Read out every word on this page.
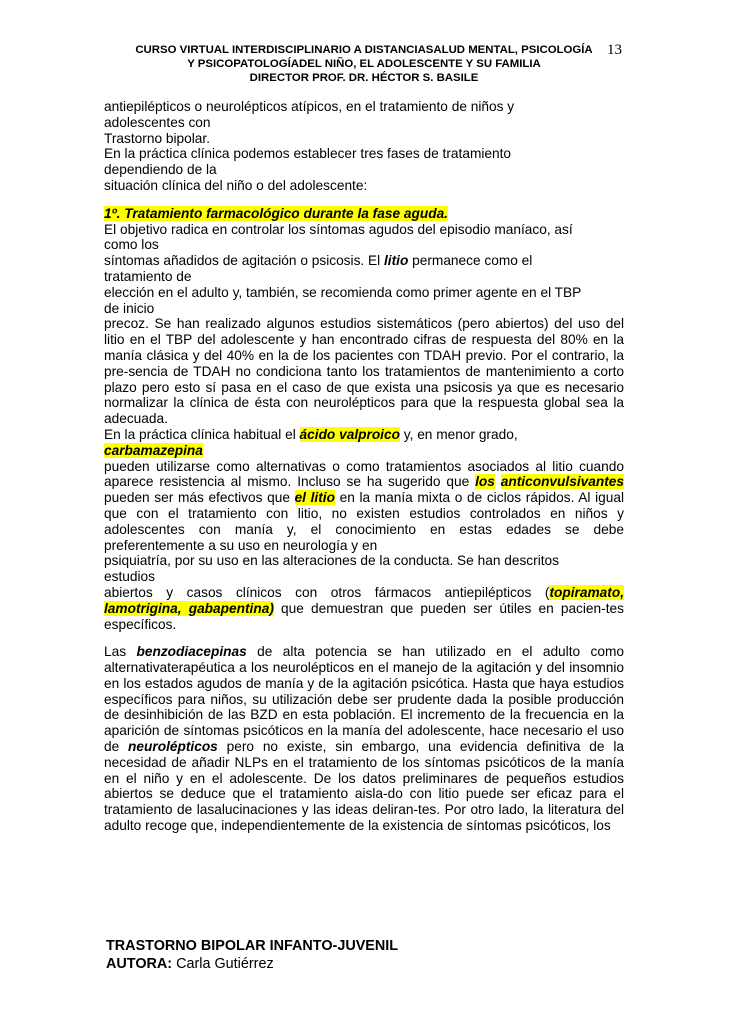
CURSO VIRTUAL INTERDISCIPLINARIO A DISTANCIASALUD MENTAL, PSICOLOGÍA
Y PSICOPATOLOGÍADEL NIÑO, EL ADOLESCENTE Y SU FAMILIA
DIRECTOR PROF. DR. HÉCTOR S. BASILE
13
antiepilépticos o neurolépticos atípicos, en el tratamiento de niños y
adolescentes con
Trastorno bipolar.
En la práctica clínica podemos establecer tres fases de tratamiento
dependiendo de la
situación clínica del niño o del adolescente:
1º. Tratamiento farmacológico durante la fase aguda.
El objetivo radica en controlar los síntomas agudos del episodio maníaco, así
como los
síntomas añadidos de agitación o psicosis. El litio permanece como el
tratamiento de
elección en el adulto y, también, se recomienda como primer agente en el TBP
de inicio
precoz. Se han realizado algunos estudios sistemáticos (pero abiertos) del uso del litio en el TBP del adolescente y han encontrado cifras de respuesta del 80% en la manía clásica y del 40% en la de los pacientes con TDAH previo. Por el contrario, la pre-sencia de TDAH no condiciona tanto los tratamientos de mantenimiento a corto plazo pero esto sí pasa en el caso de que exista una psicosis ya que es necesario normalizar la clínica de ésta con neurolépticos para que la respuesta global sea la adecuada.
En la práctica clínica habitual el ácido valproico y, en menor grado,
carbamazepina
pueden utilizarse como alternativas o como tratamientos asociados al litio cuando aparece resistencia al mismo. Incluso se ha sugerido que los anticonvulsivantes pueden ser más efectivos que el litio en la manía mixta o de ciclos rápidos. Al igual que con el tratamiento con litio, no existen estudios controlados en niños y adolescentes con manía y, el conocimiento en estas edades se debe preferentemente a su uso en neurología y en
psiquiatría, por su uso en las alteraciones de la conducta. Se han descritos
estudios
abiertos y casos clínicos con otros fármacos antiepilépticos (topiramato, lamotrigina, gabapentina) que demuestran que pueden ser útiles en pacien-tes específicos.
Las benzodiacepinas de alta potencia se han utilizado en el adulto como alternativaterapéutica a los neurolépticos en el manejo de la agitación y del insomnio en los estados agudos de manía y de la agitación psicótica. Hasta que haya estudios específicos para niños, su utilización debe ser prudente dada la posible producción de desinhibición de las BZD en esta población. El incremento de la frecuencia en la aparición de síntomas psicóticos en la manía del adolescente, hace necesario el uso de neurolépticos pero no existe, sin embargo, una evidencia definitiva de la necesidad de añadir NLPs en el tratamiento de los síntomas psicóticos de la manía en el niño y en el adolescente. De los datos preliminares de pequeños estudios abiertos se deduce que el tratamiento aisla-do con litio puede ser eficaz para el tratamiento de lasalucinaciones y las ideas deliran-tes. Por otro lado, la literatura del adulto recoge que, independientemente de la existencia de síntomas psicóticos, los
TRASTORNO BIPOLAR INFANTO-JUVENIL
AUTORA: Carla Gutiérrez
